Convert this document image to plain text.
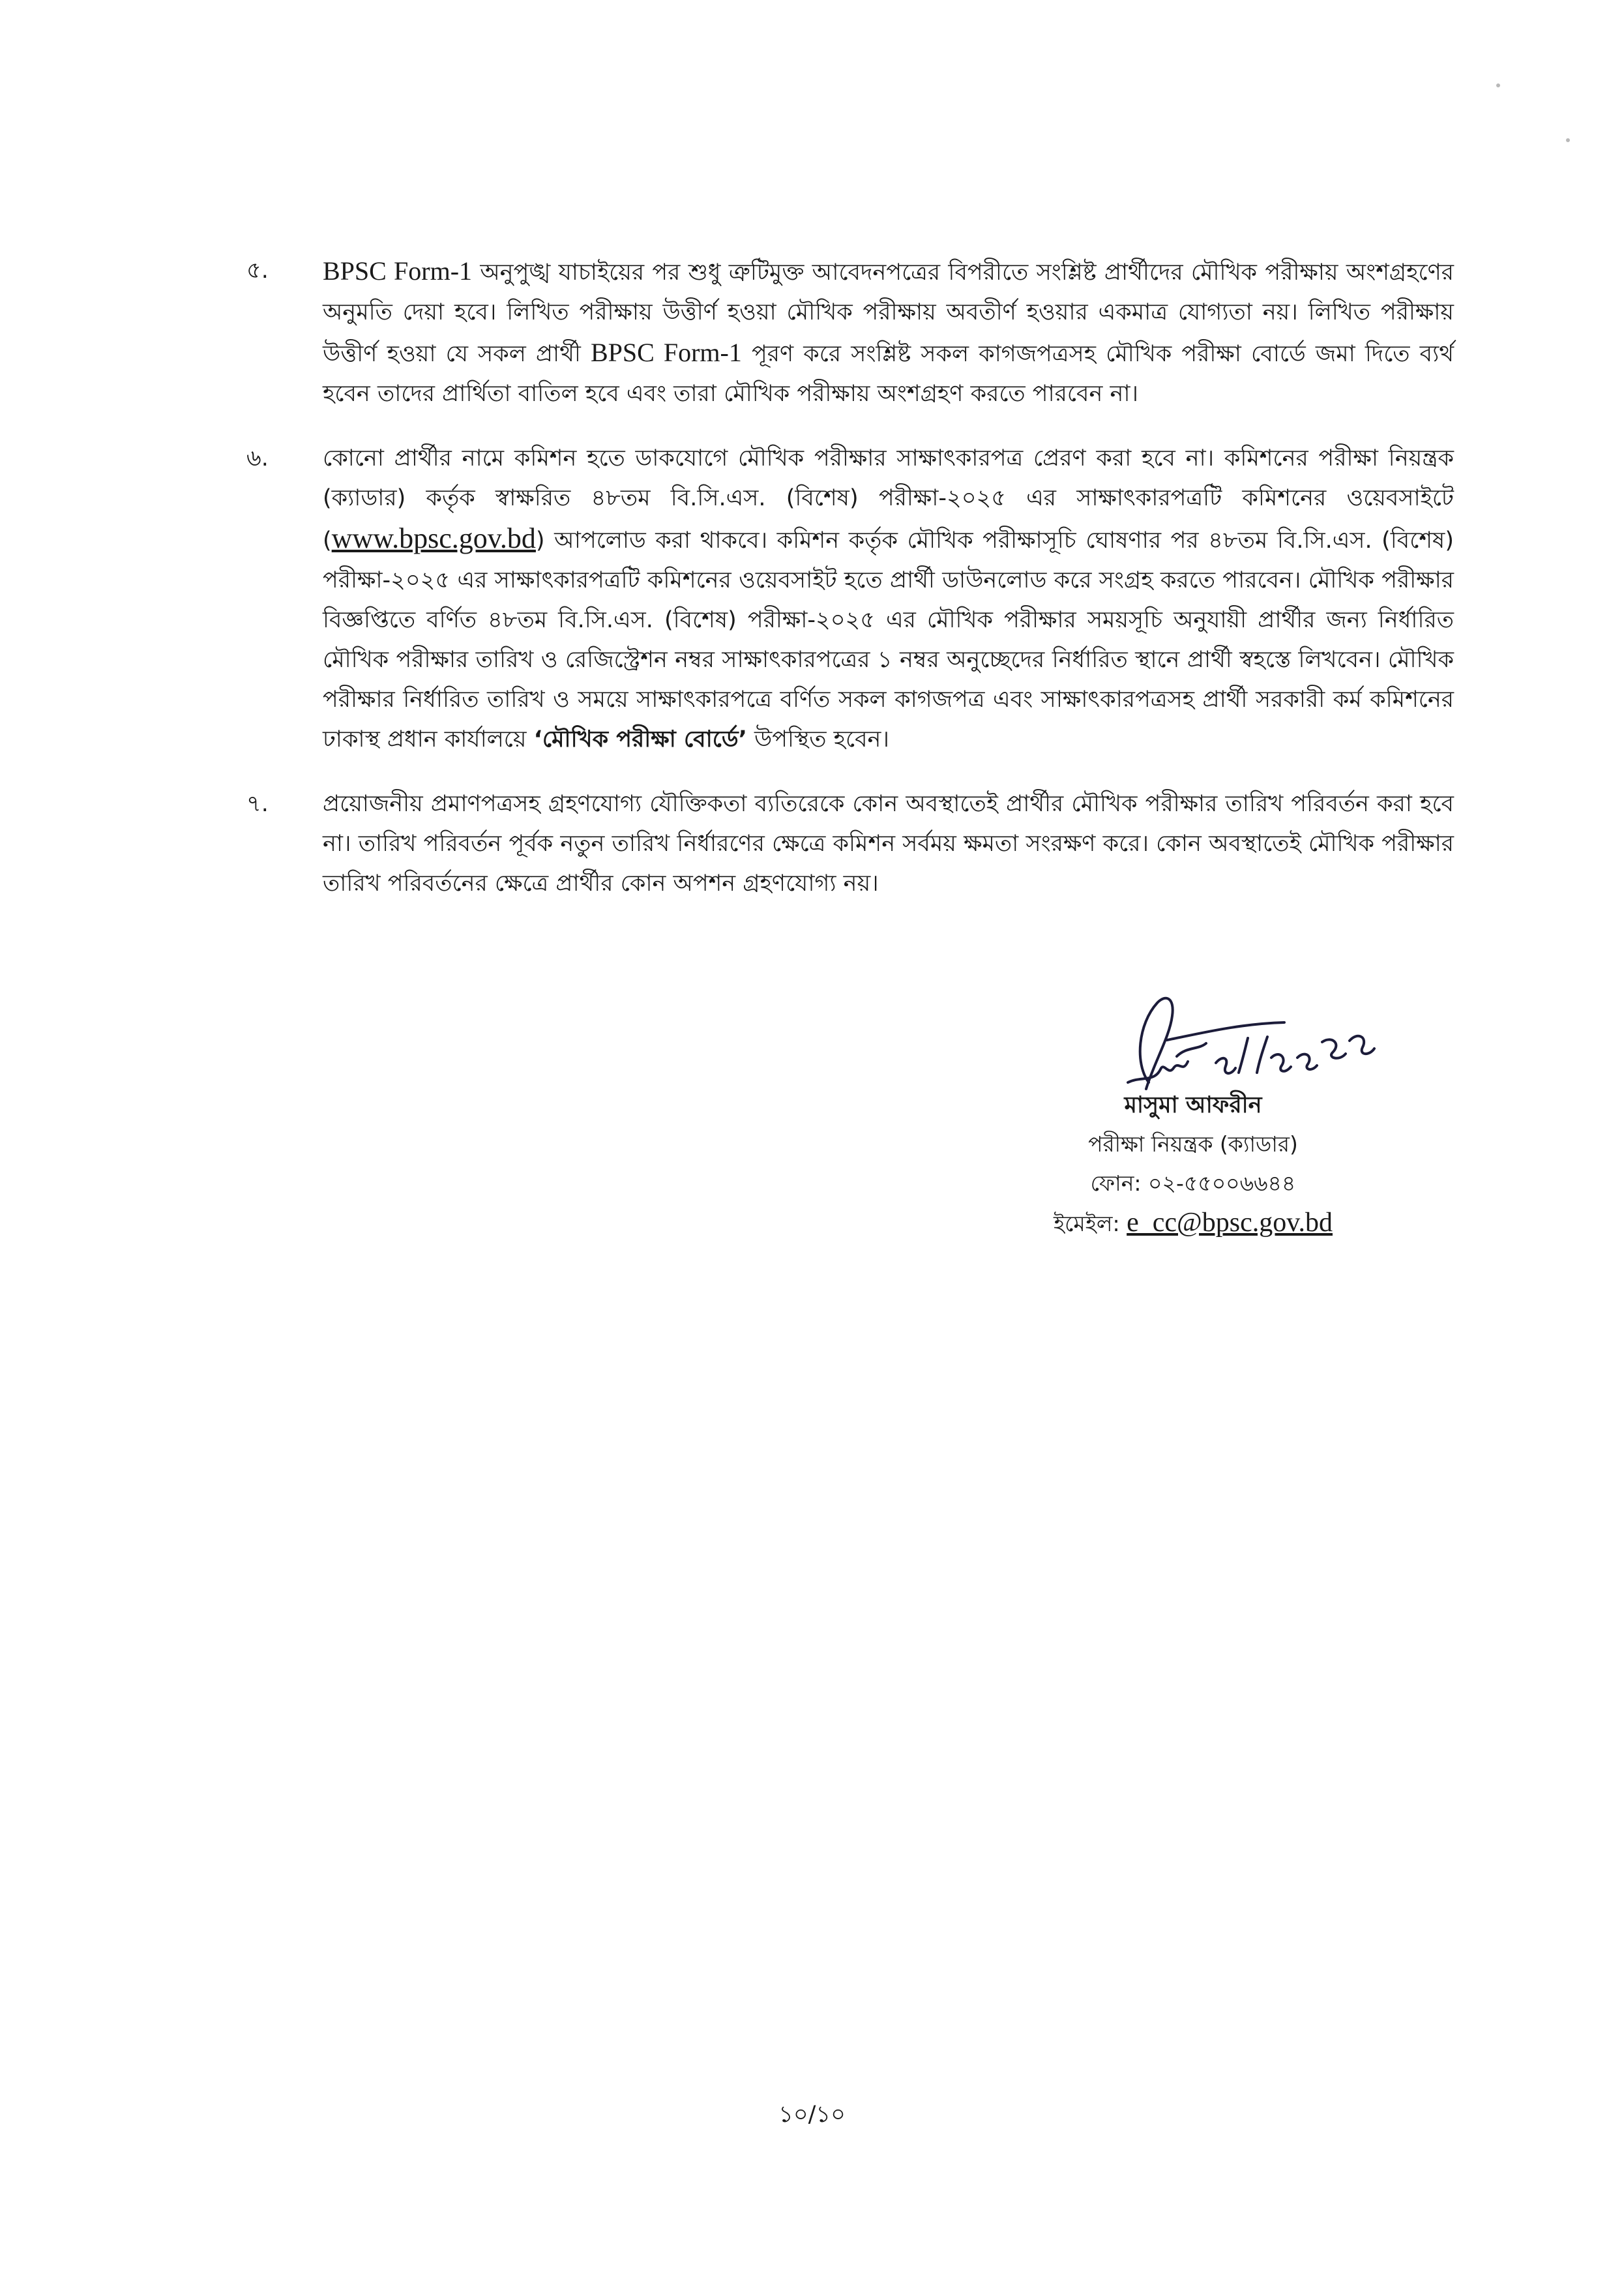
৫.	BPSC Form-1 অনুপুঙ্খ যাচাইয়ের পর শুধু ত্রুটিমুক্ত আবেদনপত্রের বিপরীতে সংশ্লিষ্ট প্রার্থীদের মৌখিক পরীক্ষায় অংশগ্রহণের অনুমতি দেয়া হবে। লিখিত পরীক্ষায় উত্তীর্ণ হওয়া মৌখিক পরীক্ষায় অবতীর্ণ হওয়ার একমাত্র যোগ্যতা নয়। লিখিত পরীক্ষায় উত্তীর্ণ হওয়া যে সকল প্রার্থী BPSC Form-1 পূরণ করে সংশ্লিষ্ট সকল কাগজপত্রসহ মৌখিক পরীক্ষা বোর্ডে জমা দিতে ব্যর্থ হবেন তাদের প্রার্থিতা বাতিল হবে এবং তারা মৌখিক পরীক্ষায় অংশগ্রহণ করতে পারবেন না।
৬.	কোনো প্রার্থীর নামে কমিশন হতে ডাকযোগে মৌখিক পরীক্ষার সাক্ষাৎকারপত্র প্রেরণ করা হবে না। কমিশনের পরীক্ষা নিয়ন্ত্রক (ক্যাডার) কর্তৃক স্বাক্ষরিত ৪৮তম বি.সি.এস. (বিশেষ) পরীক্ষা-২০২৫ এর সাক্ষাৎকারপত্রটি কমিশনের ওয়েবসাইটে (www.bpsc.gov.bd) আপলোড করা থাকবে। কমিশন কর্তৃক মৌখিক পরীক্ষাসূচি ঘোষণার পর ৪৮তম বি.সি.এস. (বিশেষ) পরীক্ষা-২০২৫ এর সাক্ষাৎকারপত্রটি কমিশনের ওয়েবসাইট হতে প্রার্থী ডাউনলোড করে সংগ্রহ করতে পারবেন। মৌখিক পরীক্ষার বিজ্ঞপ্তিতে বর্ণিত ৪৮তম বি.সি.এস. (বিশেষ) পরীক্ষা-২০২৫ এর মৌখিক পরীক্ষার সময়সূচি অনুযায়ী প্রার্থীর জন্য নির্ধারিত মৌখিক পরীক্ষার তারিখ ও রেজিস্ট্রেশন নম্বর সাক্ষাৎকারপত্রের ১ নম্বর অনুচ্ছেদের নির্ধারিত স্থানে প্রার্থী স্বহস্তে লিখবেন। মৌখিক পরীক্ষার নির্ধারিত তারিখ ও সময়ে সাক্ষাৎকারপত্রে বর্ণিত সকল কাগজপত্র এবং সাক্ষাৎকারপত্রসহ প্রার্থী সরকারী কর্ম কমিশনের ঢাকাস্থ প্রধান কার্যালয়ে ‘মৌখিক পরীক্ষা বোর্ডে’ উপস্থিত হবেন।
৭.	প্রয়োজনীয় প্রমাণপত্রসহ গ্রহণযোগ্য যৌক্তিকতা ব্যতিরেকে কোন অবস্থাতেই প্রার্থীর মৌখিক পরীক্ষার তারিখ পরিবর্তন করা হবে না। তারিখ পরিবর্তন পূর্বক নতুন তারিখ নির্ধারণের ক্ষেত্রে কমিশন সর্বময় ক্ষমতা সংরক্ষণ করে। কোন অবস্থাতেই মৌখিক পরীক্ষার তারিখ পরিবর্তনের ক্ষেত্রে প্রার্থীর কোন অপশন গ্রহণযোগ্য নয়।
মাসুমা আফরীন
পরীক্ষা নিয়ন্ত্রক (ক্যাডার)
ফোন: ০২-৫৫০০৬৬৪৪
ইমেইল: e_cc@bpsc.gov.bd
১০/১০
